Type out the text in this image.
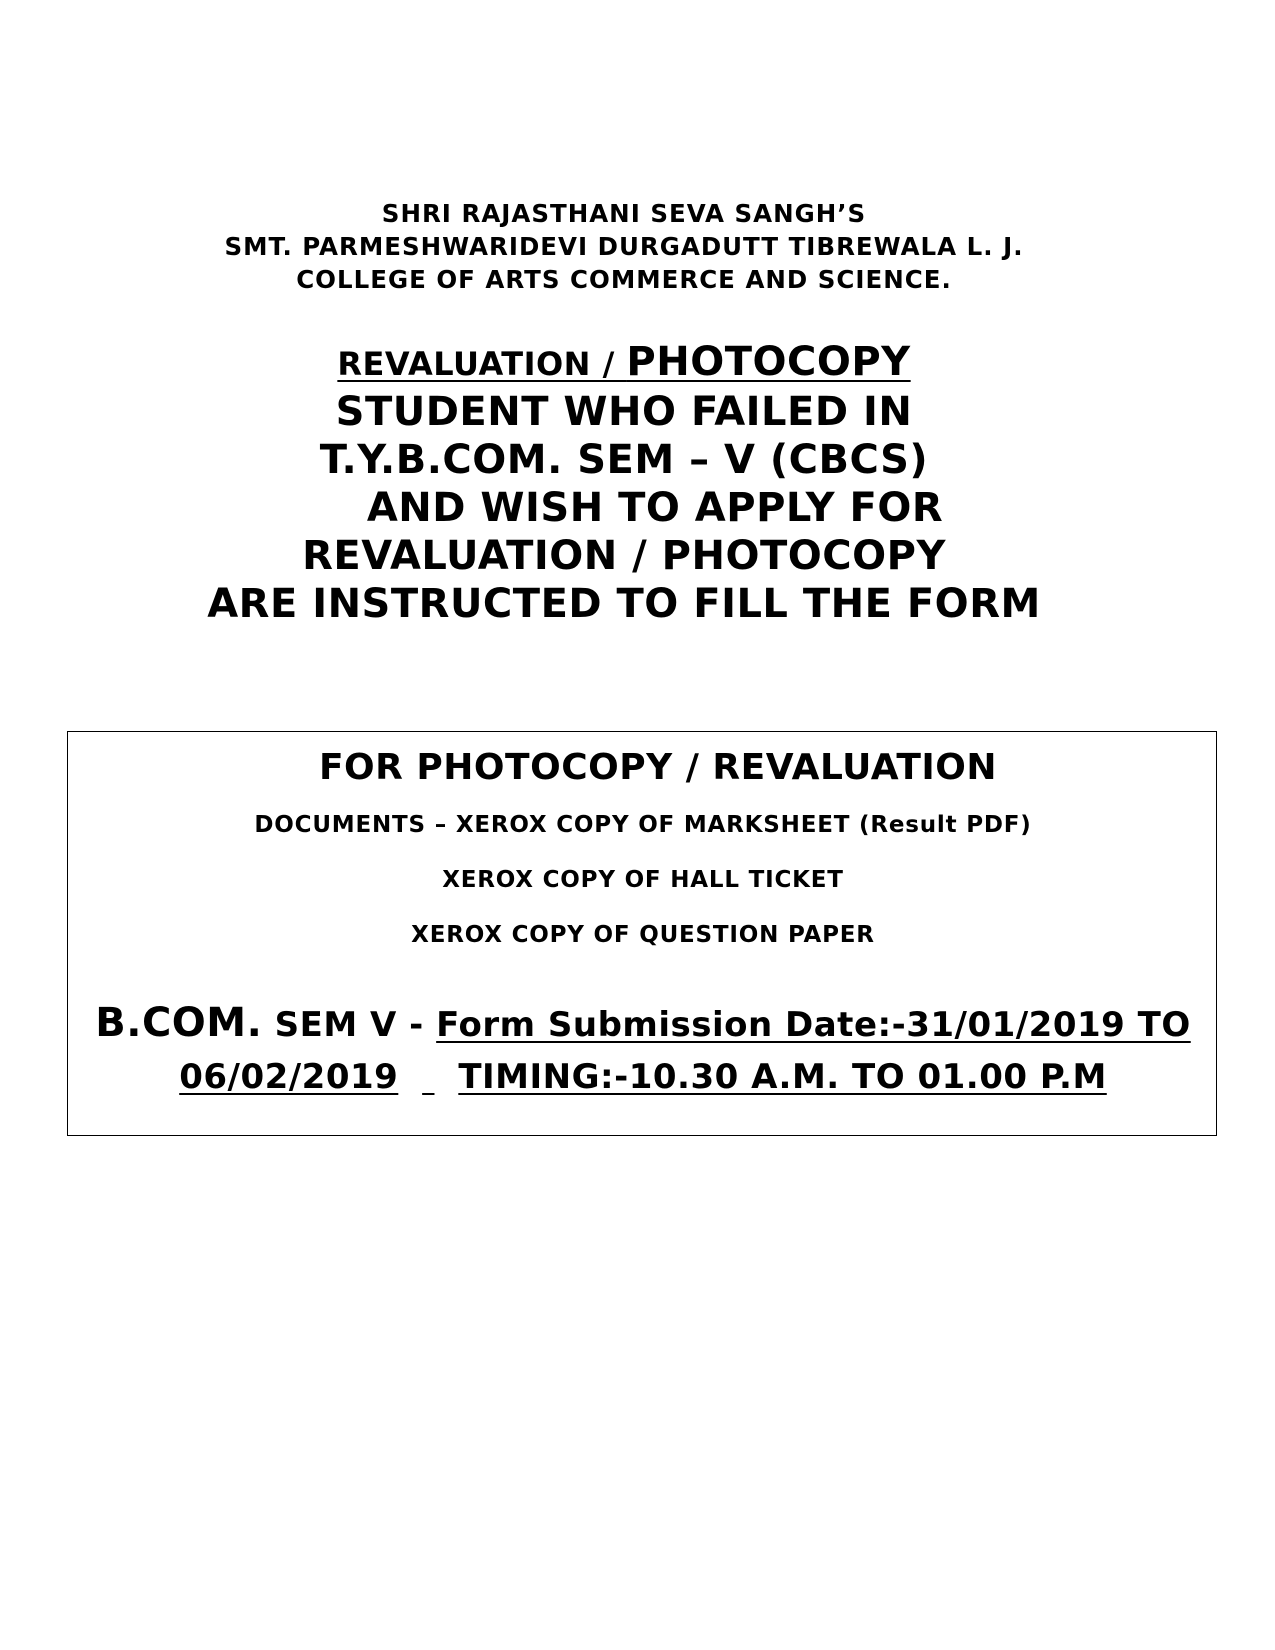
SHRI RAJASTHANI SEVA SANGH’S
SMT. PARMESHWARIDEVI DURGADUTT TIBREWALA L. J.
COLLEGE OF ARTS COMMERCE AND SCIENCE.
REVALUATION / PHOTOCOPY
STUDENT WHO FAILED IN
T.Y.B.COM. SEM – V (CBCS)
AND WISH TO APPLY FOR
REVALUATION / PHOTOCOPY
ARE INSTRUCTED TO FILL THE FORM
FOR PHOTOCOPY / REVALUATION
DOCUMENTS – XEROX COPY OF MARKSHEET (Result PDF)
XEROX COPY OF HALL TICKET
XEROX COPY OF QUESTION PAPER
B.COM. SEM V - Form Submission Date:-31/01/2019 TO
06/02/2019 TIMING:-10.30 A.M. TO 01.00 P.M
